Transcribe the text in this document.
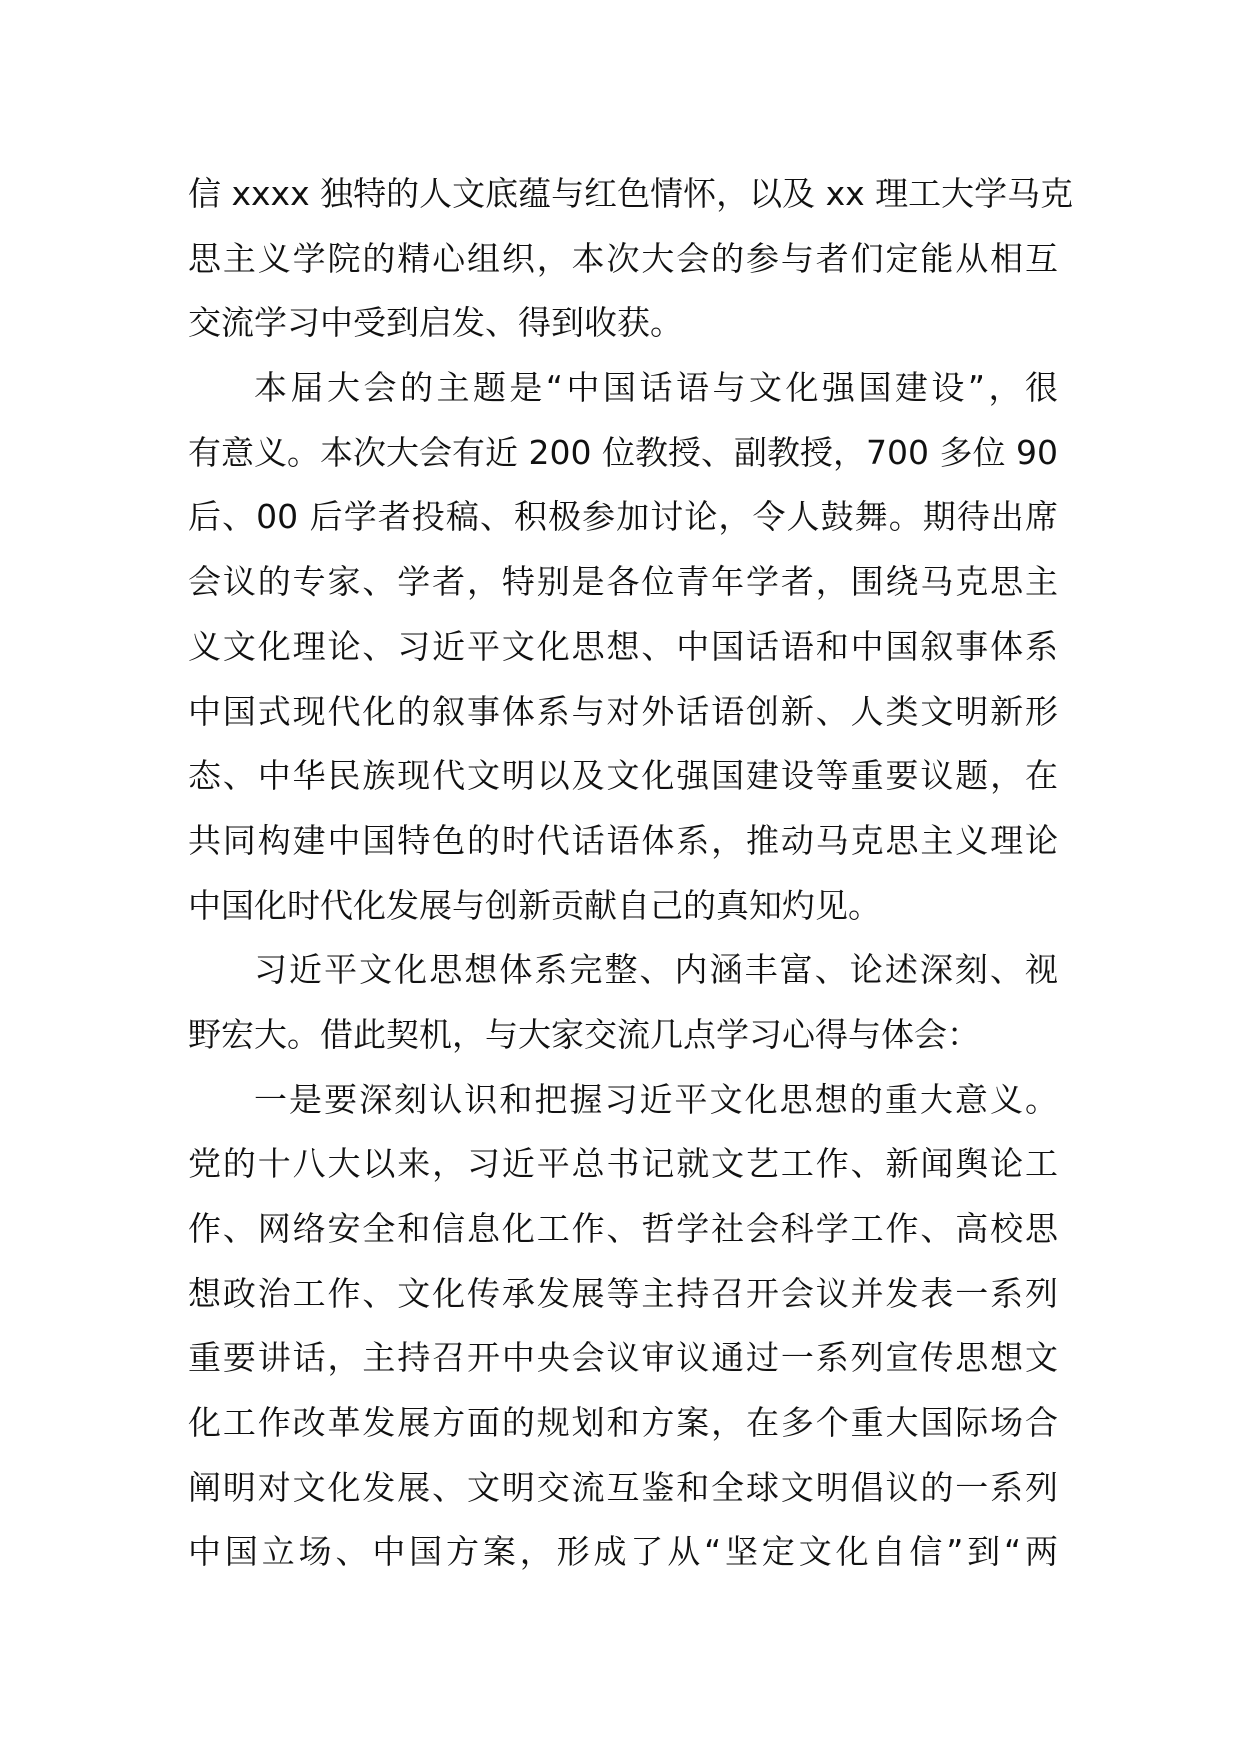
信 xxxx 独特的人文底蕴与红色情怀，以及 xx 理工大学马克
思主义学院的精心组织，本次大会的参与者们定能从相互
交流学习中受到启发、得到收获。
本届大会的主题是“中国话语与文化强国建设”，很
有意义。本次大会有近 200 位教授、副教授，700 多位 90
后、00 后学者投稿、积极参加讨论，令人鼓舞。期待出席
会议的专家、学者，特别是各位青年学者，围绕马克思主
义文化理论、习近平文化思想、中国话语和中国叙事体系
中国式现代化的叙事体系与对外话语创新、人类文明新形
态、中华民族现代文明以及文化强国建设等重要议题，在
共同构建中国特色的时代话语体系，推动马克思主义理论
中国化时代化发展与创新贡献自己的真知灼见。
习近平文化思想体系完整、内涵丰富、论述深刻、视
野宏大。借此契机，与大家交流几点学习心得与体会：
一是要深刻认识和把握习近平文化思想的重大意义。
党的十八大以来，习近平总书记就文艺工作、新闻舆论工
作、网络安全和信息化工作、哲学社会科学工作、高校思
想政治工作、文化传承发展等主持召开会议并发表一系列
重要讲话，主持召开中央会议审议通过一系列宣传思想文
化工作改革发展方面的规划和方案，在多个重大国际场合
阐明对文化发展、文明交流互鉴和全球文明倡议的一系列
中国立场、中国方案，形成了从“坚定文化自信”到“两
